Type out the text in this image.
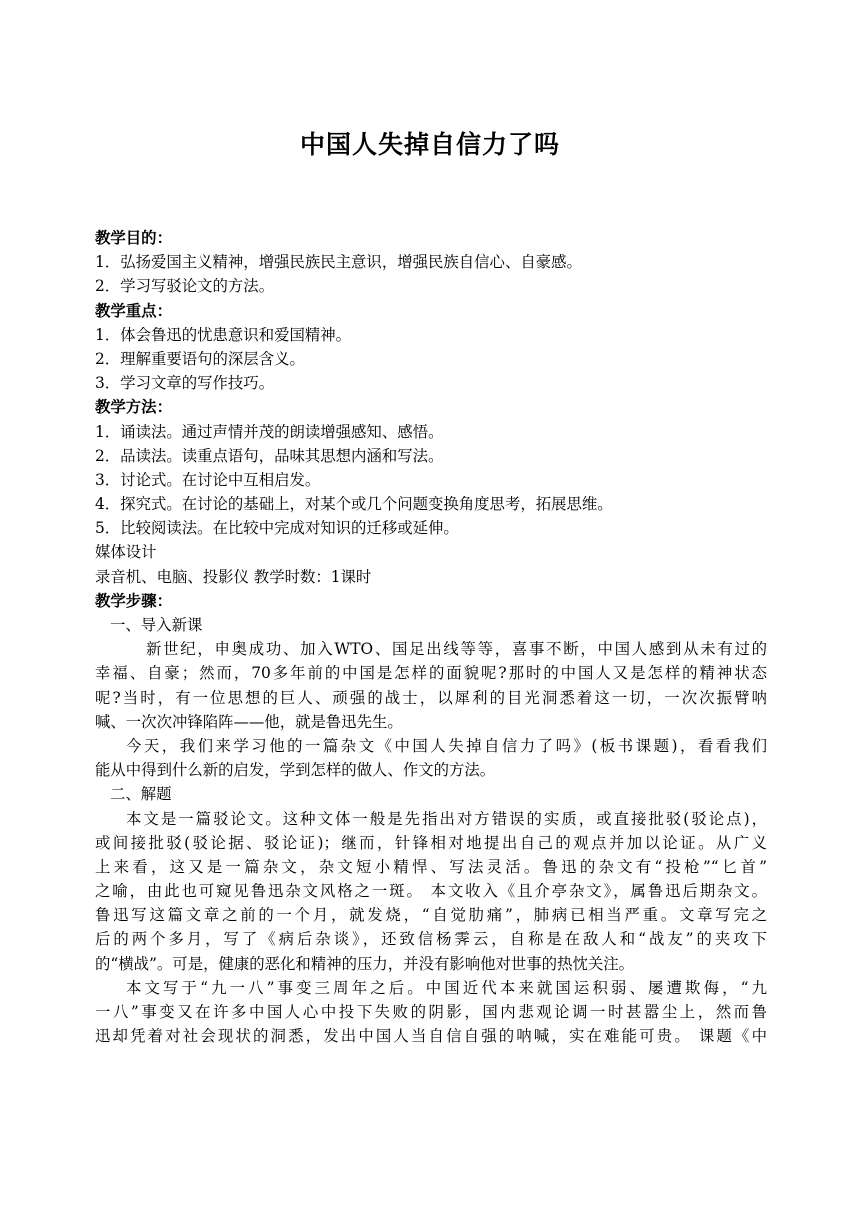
中国人失掉自信力了吗
教学目的：
1．弘扬爱国主义精神，增强民族民主意识，增强民族自信心、自豪感。
2．学习写驳论文的方法。
教学重点：
1．体会鲁迅的忧患意识和爱国精神。
2．理解重要语句的深层含义。
3．学习文章的写作技巧。
教学方法：
1．诵读法。通过声情并茂的朗读增强感知、感悟。
2．品读法。读重点语句，品味其思想内涵和写法。
3．讨论式。在讨论中互相启发。
4．探究式。在讨论的基础上，对某个或几个问题变换角度思考，拓展思维。
5．比较阅读法。在比较中完成对知识的迁移或延伸。
媒体设计
录音机、电脑、投影仪 教学时数：1课时
教学步骤：
一、导入新课
新世纪，申奥成功、加入WTO、国足出线等等，喜事不断，中国人感到从未有过的
幸福、自豪；然而，70多年前的中国是怎样的面貌呢?那时的中国人又是怎样的精神状态
呢?当时，有一位思想的巨人、顽强的战士，以犀利的目光洞悉着这一切，一次次振臂呐
喊、一次次冲锋陷阵——他，就是鲁迅先生。
今天，我们来学习他的一篇杂文《中国人失掉自信力了吗》(板书课题)，看看我们
能从中得到什么新的启发，学到怎样的做人、作文的方法。
二、解题
本文是一篇驳论文。这种文体一般是先指出对方错误的实质，或直接批驳(驳论点)，
或间接批驳(驳论据、驳论证)；继而，针锋相对地提出自己的观点并加以论证。从广义
上来看，这又是一篇杂文，杂文短小精悍、写法灵活。鲁迅的杂文有“投枪”“匕首”
之喻，由此也可窥见鲁迅杂文风格之一斑。 本文收入《且介亭杂文》，属鲁迅后期杂文。
鲁迅写这篇文章之前的一个月，就发烧，“自觉肋痛”，肺病已相当严重。文章写完之
后的两个多月，写了《病后杂谈》，还致信杨霁云，自称是在敌人和“战友”的夹攻下
的“横战”。可是，健康的恶化和精神的压力，并没有影响他对世事的热忱关注。
本文写于“九一八”事变三周年之后。中国近代本来就国运积弱、屡遭欺侮，“九
一八”事变又在许多中国人心中投下失败的阴影，国内悲观论调一时甚嚣尘上，然而鲁
迅却凭着对社会现状的洞悉，发出中国人当自信自强的呐喊，实在难能可贵。 课题《中
